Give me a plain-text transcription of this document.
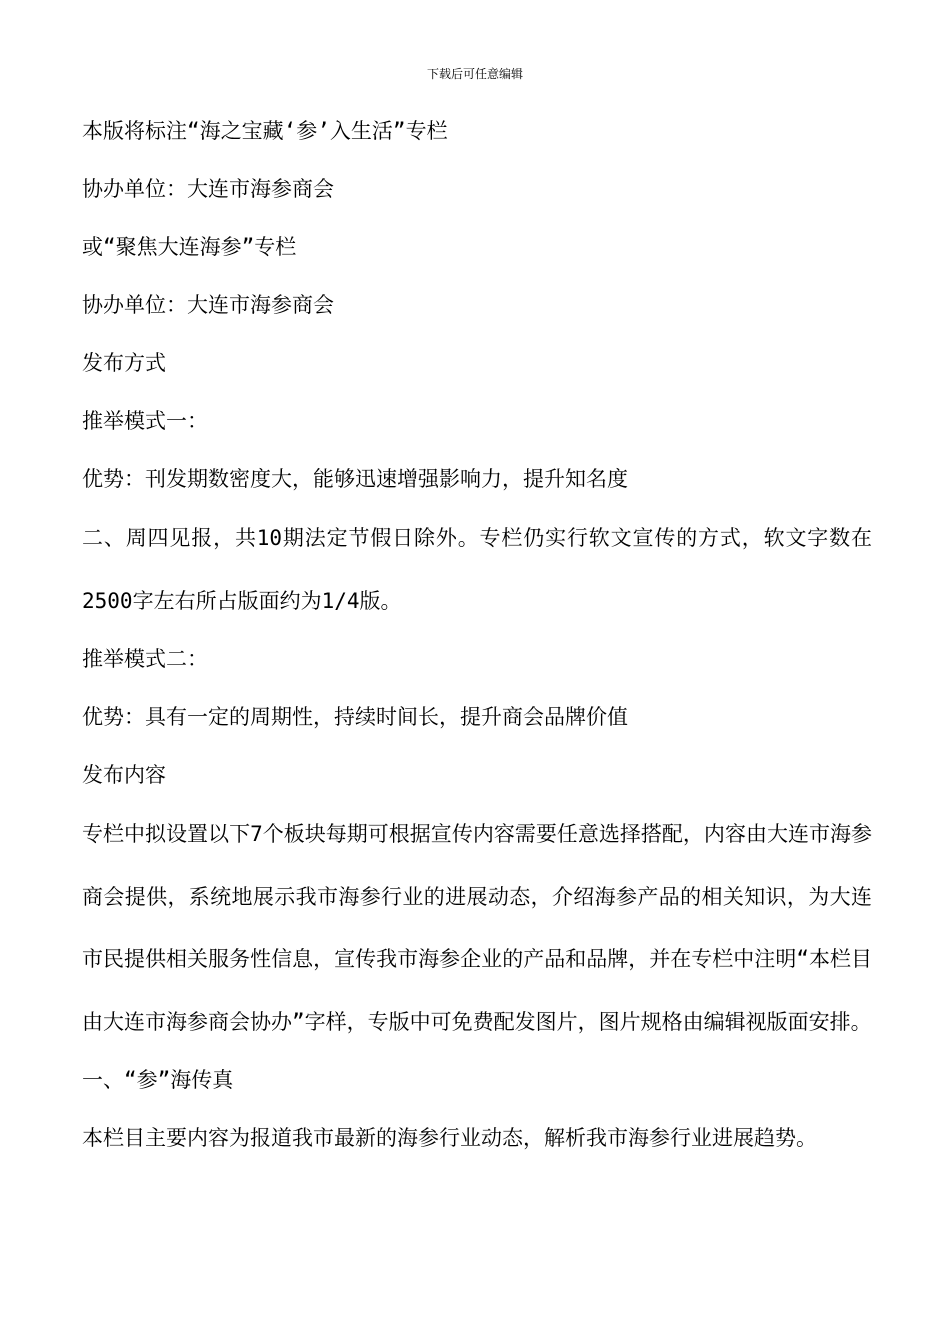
下载后可任意编辑

本版将标注“海之宝藏‘参’入生活”专栏

协办单位：大连市海参商会

或“聚焦大连海参”专栏

协办单位：大连市海参商会

发布方式

推举模式一：

优势：刊发期数密度大，能够迅速增强影响力，提升知名度

二、周四见报，共10期法定节假日除外。专栏仍实行软文宣传的方式，软文字数在2500字左右所占版面约为1/4版。

推举模式二：

优势：具有一定的周期性，持续时间长，提升商会品牌价值

发布内容

专栏中拟设置以下7个板块每期可根据宣传内容需要任意选择搭配，内容由大连市海参商会提供，系统地展示我市海参行业的进展动态，介绍海参产品的相关知识，为大连市民提供相关服务性信息，宣传我市海参企业的产品和品牌，并在专栏中注明“本栏目由大连市海参商会协办”字样，专版中可免费配发图片，图片规格由编辑视版面安排。

一、“参”海传真

本栏目主要内容为报道我市最新的海参行业动态，解析我市海参行业进展趋势。
